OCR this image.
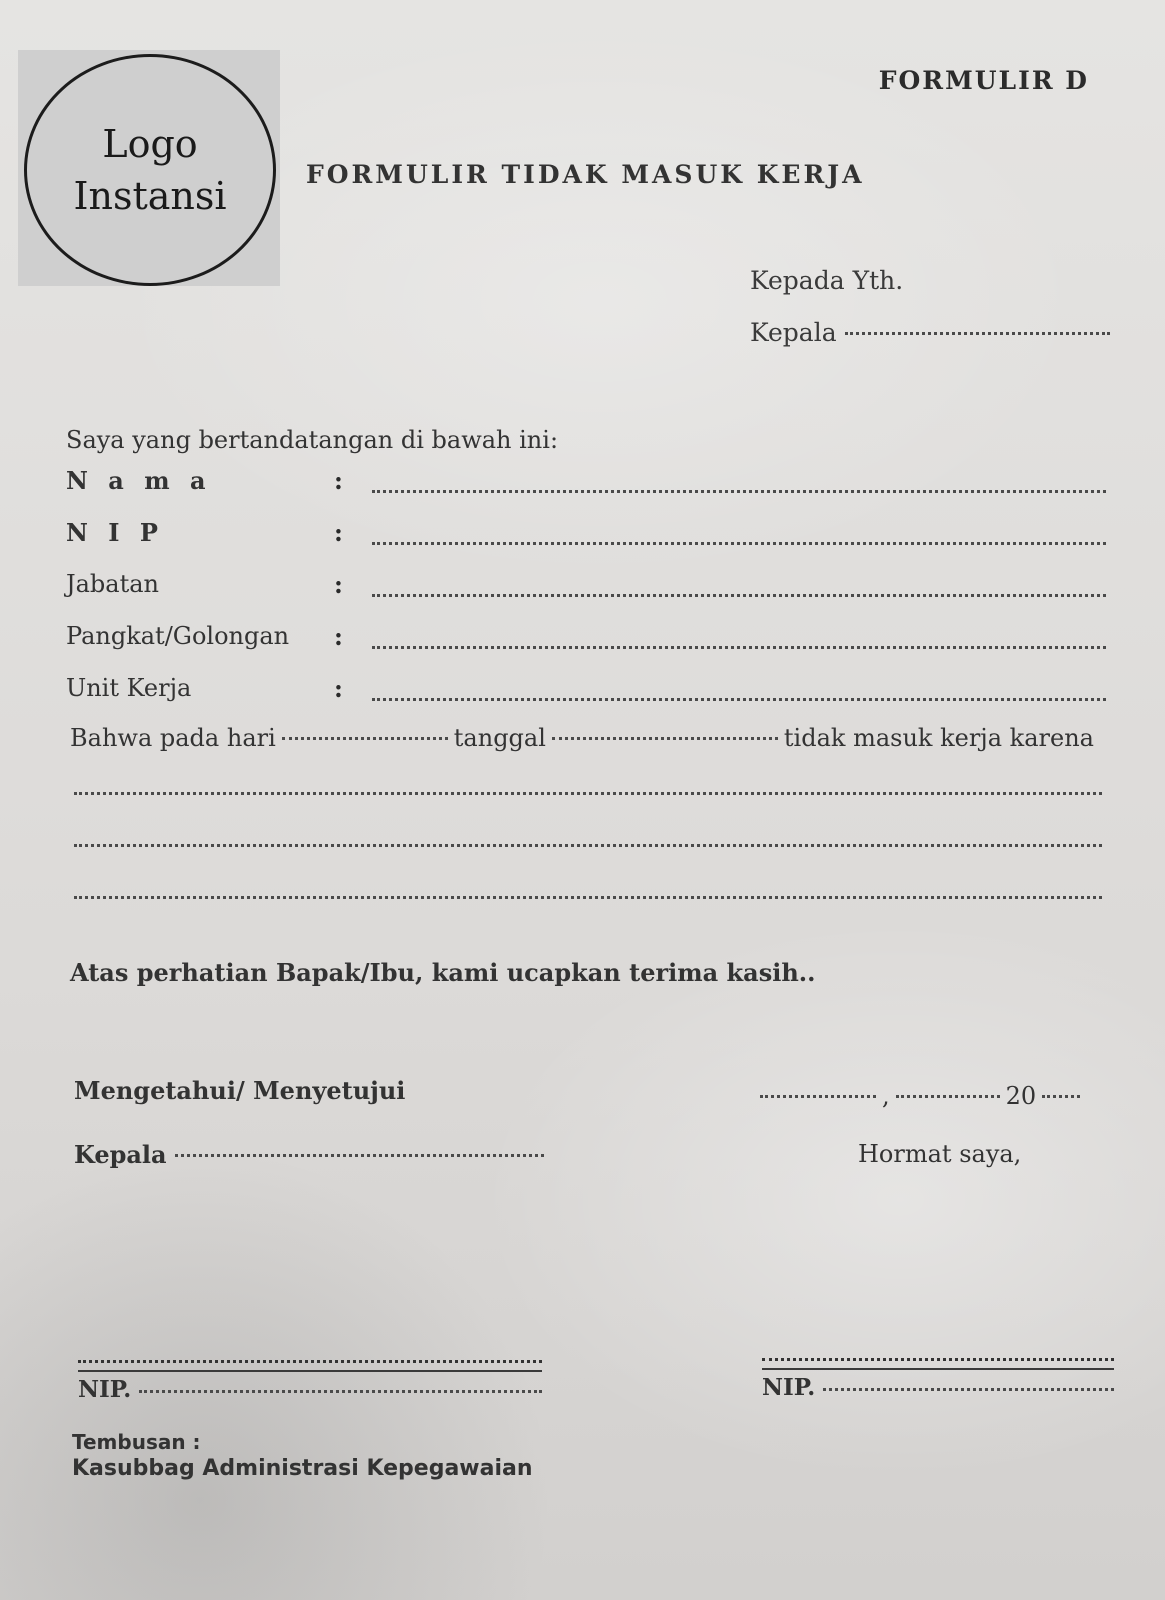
Logo
Instansi
FORMULIR D
FORMULIR TIDAK MASUK KERJA
Kepada Yth.
Kepala
Saya yang bertandatangan di bawah ini:
N a m a	:
N I P	:
Jabatan	:
Pangkat/Golongan :
Unit Kerja	:
Bahwa pada hari	tanggal	tidak masuk kerja karena
Atas perhatian Bapak/Ibu, kami ucapkan terima kasih..
Mengetahui/ Menyetujui
Kepala
,	20
Hormat saya,
NIP.	NIP.
Tembusan :
Kasubbag Administrasi Kepegawaian
